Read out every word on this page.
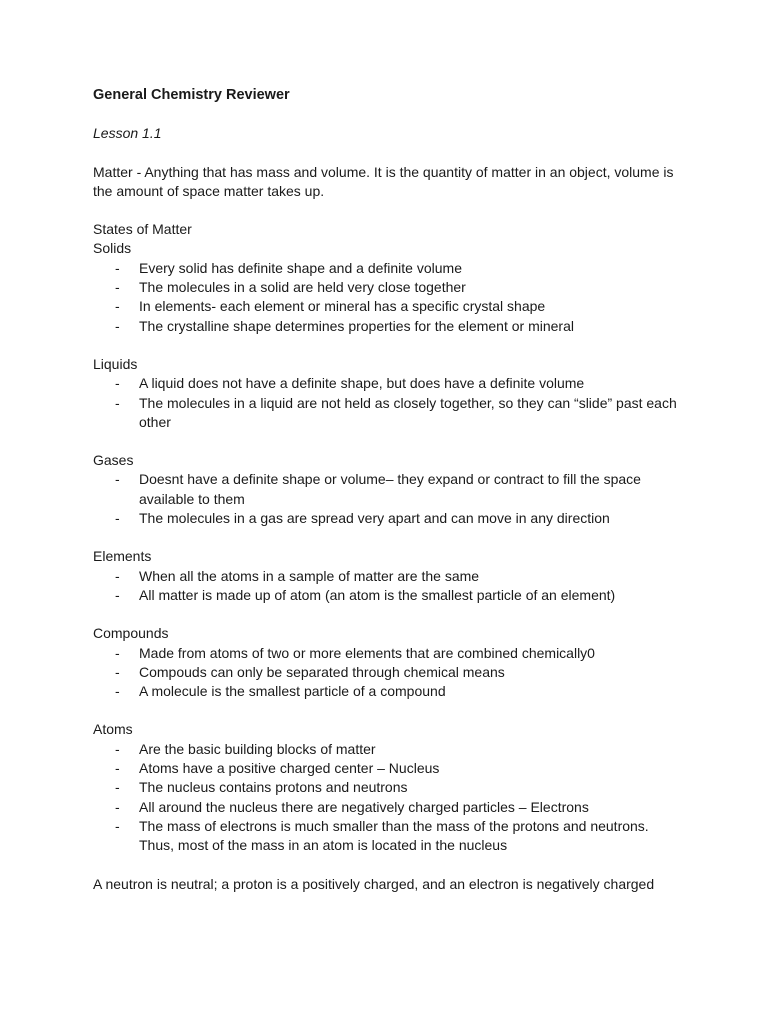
General Chemistry Reviewer
Lesson 1.1
Matter - Anything that has mass and volume. It is the quantity of matter in an object, volume is the amount of space matter takes up.
States of Matter
Solids
- Every solid has definite shape and a definite volume
- The molecules in a solid are held very close together
- In elements- each element or mineral has a specific crystal shape
- The crystalline shape determines properties for the element or mineral
Liquids
- A liquid does not have a definite shape, but does have a definite volume
- The molecules in a liquid are not held as closely together, so they can “slide” past each other
Gases
- Doesnt have a definite shape or volume– they expand or contract to fill the space available to them
- The molecules in a gas are spread very apart and can move in any direction
Elements
- When all the atoms in a sample of matter are the same
- All matter is made up of atom (an atom is the smallest particle of an element)
Compounds
- Made from atoms of two or more elements that are combined chemically0
- Compouds can only be separated through chemical means
- A molecule is the smallest particle of a compound
Atoms
- Are the basic building blocks of matter
- Atoms have a positive charged center – Nucleus
- The nucleus contains protons and neutrons
- All around the nucleus there are negatively charged particles – Electrons
- The mass of electrons is much smaller than the mass of the protons and neutrons. Thus, most of the mass in an atom is located in the nucleus
A neutron is neutral; a proton is a positively charged, and an electron is negatively charged
